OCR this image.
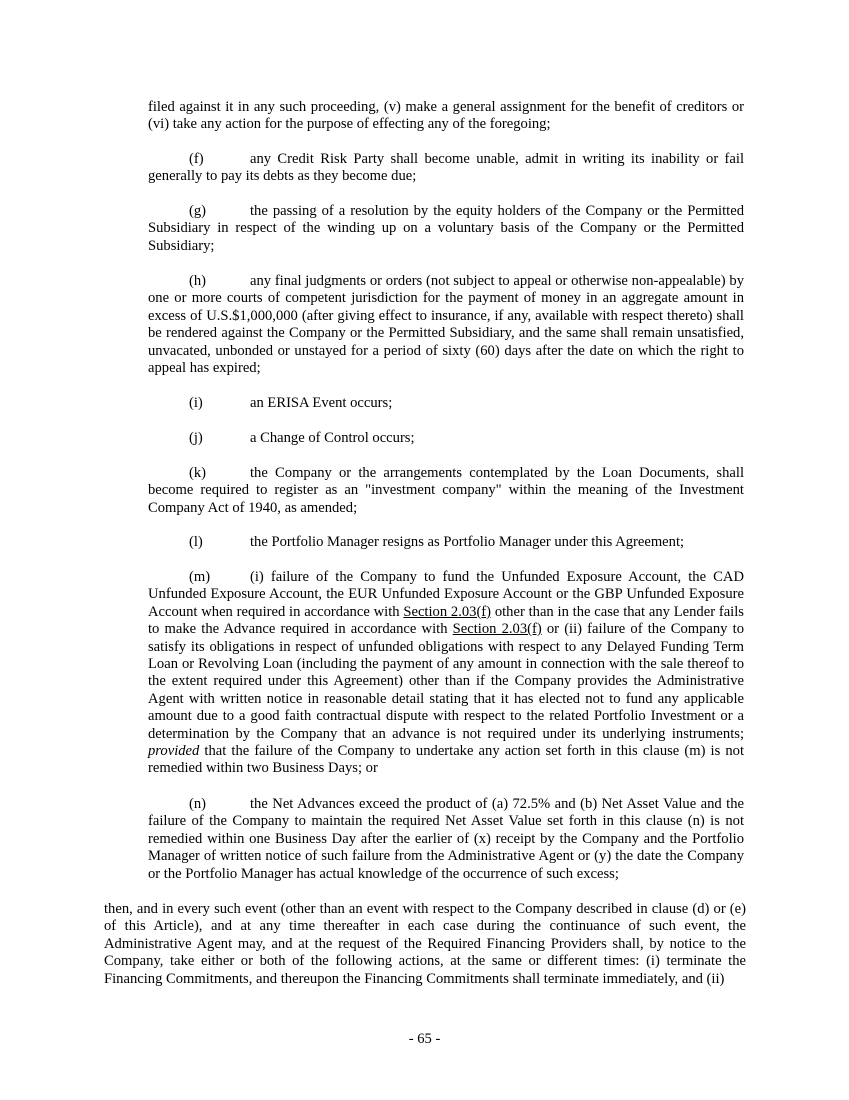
filed against it in any such proceeding, (v) make a general assignment for the benefit of creditors or (vi) take any action for the purpose of effecting any of the foregoing;

(f)	any Credit Risk Party shall become unable, admit in writing its inability or fail generally to pay its debts as they become due;

(g)	the passing of a resolution by the equity holders of the Company or the Permitted Subsidiary in respect of the winding up on a voluntary basis of the Company or the Permitted Subsidiary;

(h)	any final judgments or orders (not subject to appeal or otherwise non-appealable) by one or more courts of competent jurisdiction for the payment of money in an aggregate amount in excess of U.S.$1,000,000 (after giving effect to insurance, if any, available with respect thereto) shall be rendered against the Company or the Permitted Subsidiary, and the same shall remain unsatisfied, unvacated, unbonded or unstayed for a period of sixty (60) days after the date on which the right to appeal has expired;

(i)	an ERISA Event occurs;

(j)	a Change of Control occurs;

(k)	the Company or the arrangements contemplated by the Loan Documents, shall become required to register as an "investment company" within the meaning of the Investment Company Act of 1940, as amended;

(l)	the Portfolio Manager resigns as Portfolio Manager under this Agreement;

(m)	(i) failure of the Company to fund the Unfunded Exposure Account, the CAD Unfunded Exposure Account, the EUR Unfunded Exposure Account or the GBP Unfunded Exposure Account when required in accordance with Section 2.03(f) other than in the case that any Lender fails to make the Advance required in accordance with Section 2.03(f) or (ii) failure of the Company to satisfy its obligations in respect of unfunded obligations with respect to any Delayed Funding Term Loan or Revolving Loan (including the payment of any amount in connection with the sale thereof to the extent required under this Agreement) other than if the Company provides the Administrative Agent with written notice in reasonable detail stating that it has elected not to fund any applicable amount due to a good faith contractual dispute with respect to the related Portfolio Investment or a determination by the Company that an advance is not required under its underlying instruments; provided that the failure of the Company to undertake any action set forth in this clause (m) is not remedied within two Business Days; or

(n)	the Net Advances exceed the product of (a) 72.5% and (b) Net Asset Value and the failure of the Company to maintain the required Net Asset Value set forth in this clause (n) is not remedied within one Business Day after the earlier of (x) receipt by the Company and the Portfolio Manager of written notice of such failure from the Administrative Agent or (y) the date the Company or the Portfolio Manager has actual knowledge of the occurrence of such excess;

then, and in every such event (other than an event with respect to the Company described in clause (d) or (e) of this Article), and at any time thereafter in each case during the continuance of such event, the Administrative Agent may, and at the request of the Required Financing Providers shall, by notice to the Company, take either or both of the following actions, at the same or different times: (i) terminate the Financing Commitments, and thereupon the Financing Commitments shall terminate immediately, and (ii)

- 65 -
